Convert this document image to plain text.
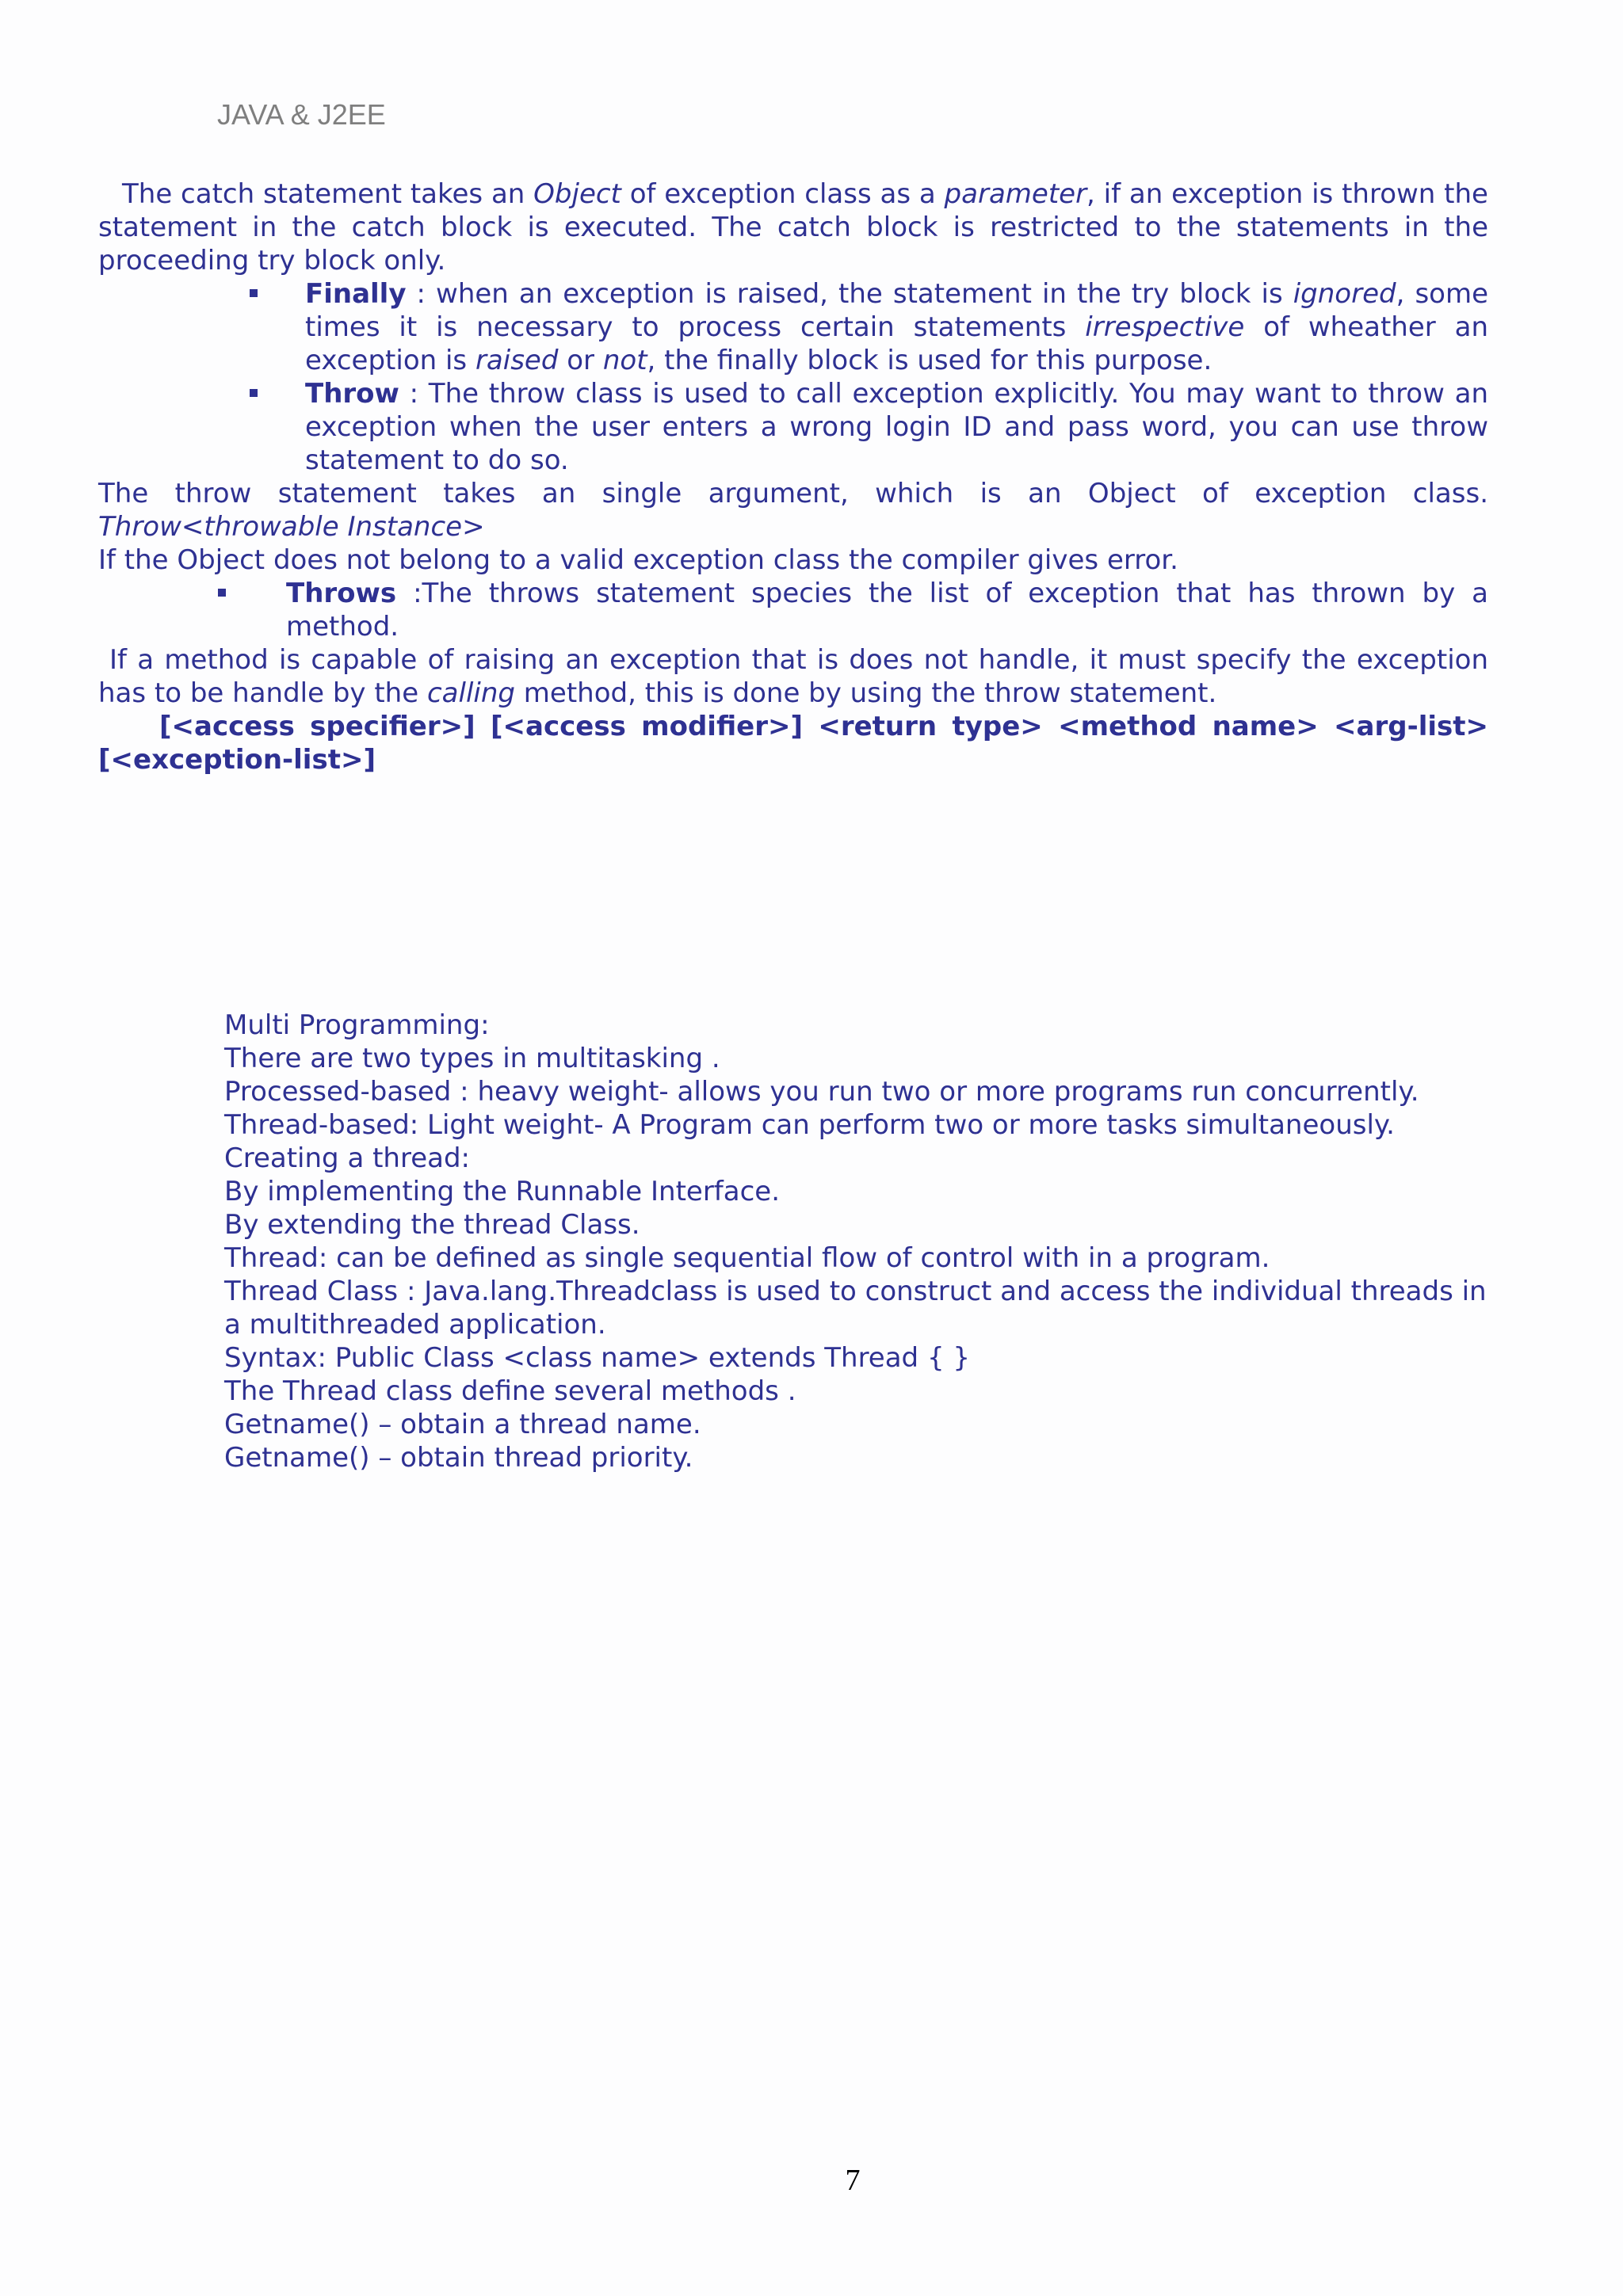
JAVA & J2EE

The catch statement takes an Object of exception class as a parameter, if an exception is thrown the statement in the catch block is executed. The catch block is restricted to the statements in the proceeding try block only.

Finally : when an exception is raised, the statement in the try block is ignored, some times it is necessary to process certain statements irrespective of wheather an exception is raised or not, the finally block is used for this purpose.

Throw : The throw class is used to call exception explicitly. You may want to throw an exception when the user enters a wrong login ID and pass word, you can use throw statement to do so.

The throw statement takes an single argument, which is an Object of exception class.

Throw<throwable Instance>

If the Object does not belong to a valid exception class the compiler gives error.

Throws :The throws statement species the list of exception that has thrown by a method.

If a method is capable of raising an exception that is does not handle, it must specify the exception has to be handle by the calling method, this is done by using the throw statement.

[<access specifier>] [<access modifier>] <return type> <method name> <arg-list> [<exception-list>]

Multi Programming:
There are two types in multitasking .
Processed-based : heavy weight- allows you run two or more programs run concurrently.
Thread-based: Light weight- A Program can perform two or more tasks simultaneously.
Creating a thread:
By implementing the Runnable Interface.
By extending the thread Class.
Thread: can be defined as single sequential flow of control with in a program.
Thread Class : Java.lang.Threadclass is used to construct and access the individual threads in a multithreaded application.
Syntax: Public Class <class name> extends Thread { }
The Thread class define several methods .
Getname() – obtain a thread name.
Getname() – obtain thread priority.
7
